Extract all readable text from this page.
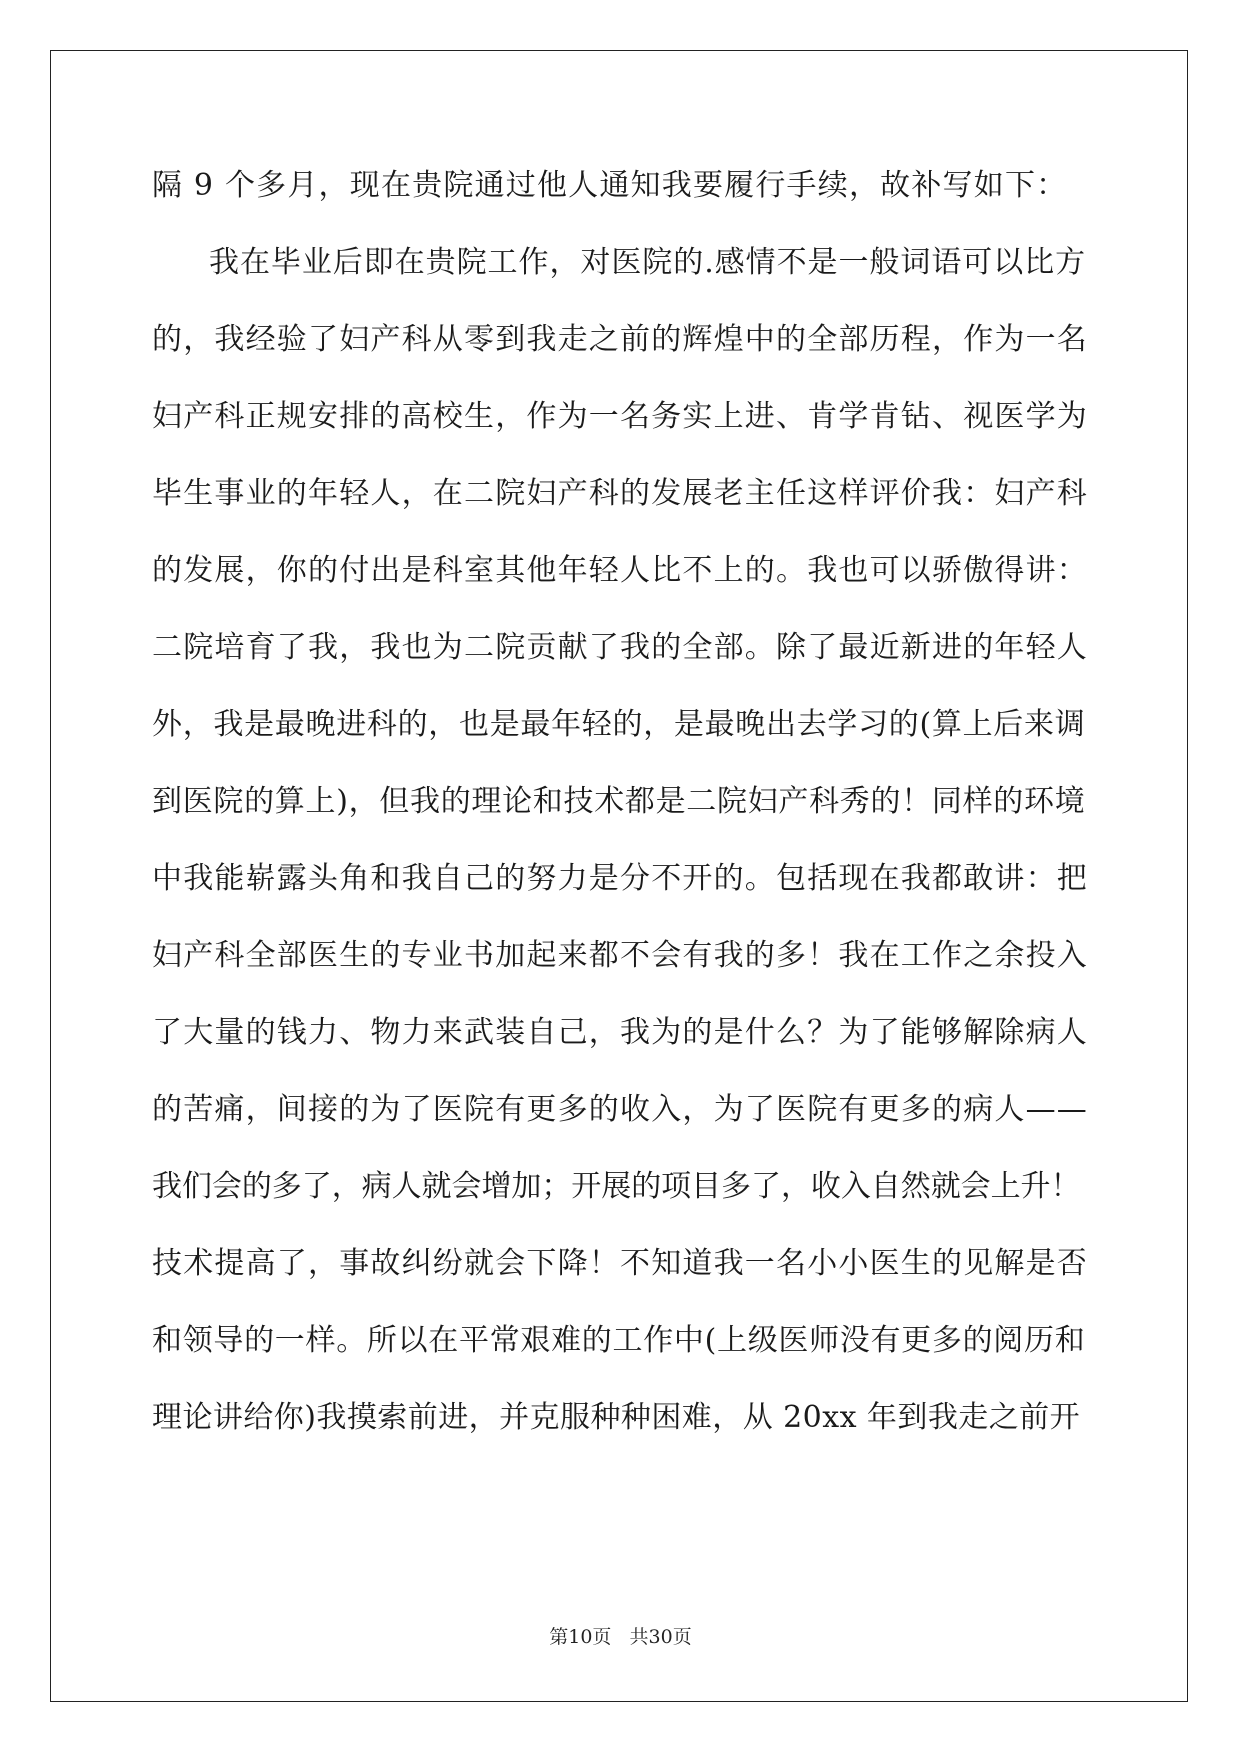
隔 9 个多月，现在贵院通过他人通知我要履行手续，故补写如下：
我在毕业后即在贵院工作，对医院的.感情不是一般词语可以比方
的，我经验了妇产科从零到我走之前的辉煌中的全部历程，作为一名
妇产科正规安排的高校生，作为一名务实上进、肯学肯钻、视医学为
毕生事业的年轻人，在二院妇产科的发展老主任这样评价我：妇产科
的发展，你的付出是科室其他年轻人比不上的。我也可以骄傲得讲：
二院培育了我，我也为二院贡献了我的全部。除了最近新进的年轻人
外，我是最晚进科的，也是最年轻的，是最晚出去学习的(算上后来调
到医院的算上)，但我的理论和技术都是二院妇产科秀的！同样的环境
中我能崭露头角和我自己的努力是分不开的。包括现在我都敢讲：把
妇产科全部医生的专业书加起来都不会有我的多！我在工作之余投入
了大量的钱力、物力来武装自己，我为的是什么？为了能够解除病人
的苦痛，间接的为了医院有更多的收入，为了医院有更多的病人——
我们会的多了，病人就会增加；开展的项目多了，收入自然就会上升！
技术提高了，事故纠纷就会下降！不知道我一名小小医生的见解是否
和领导的一样。所以在平常艰难的工作中(上级医师没有更多的阅历和
理论讲给你)我摸索前进，并克服种种困难，从 20xx 年到我走之前开
第10页   共30页
